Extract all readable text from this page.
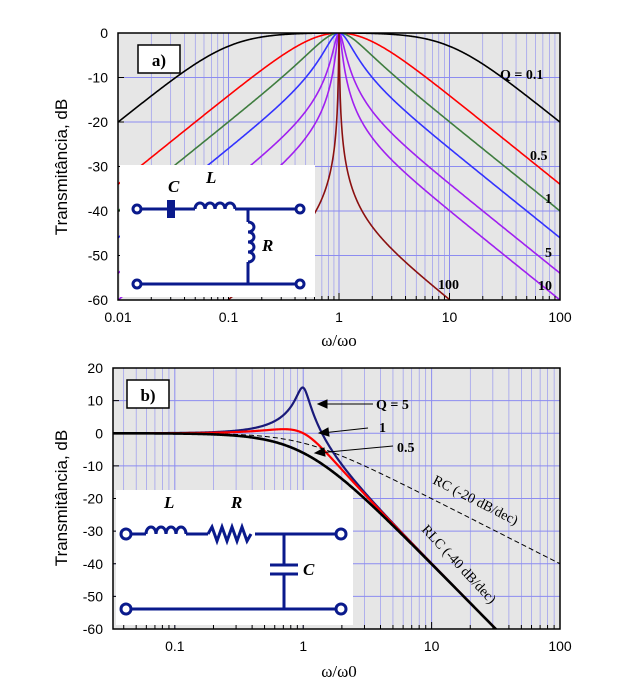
0
-10
-20
-30
-40
-50
-60
0.01	0.1	1	10	100
a)
Q = 0.1
0.5
1
5
10
100
C L
R
Transmitância, dB
ω/ωo
20
10
0
-10
-20
-30
-40
-50
-60
0.1	1	10	100
b)
Q = 5
1
0.5
RC (-20 dB/dec)
RLC (-40 dB/dec)
L	R
C
Transmitância, dB
ω/ω0
